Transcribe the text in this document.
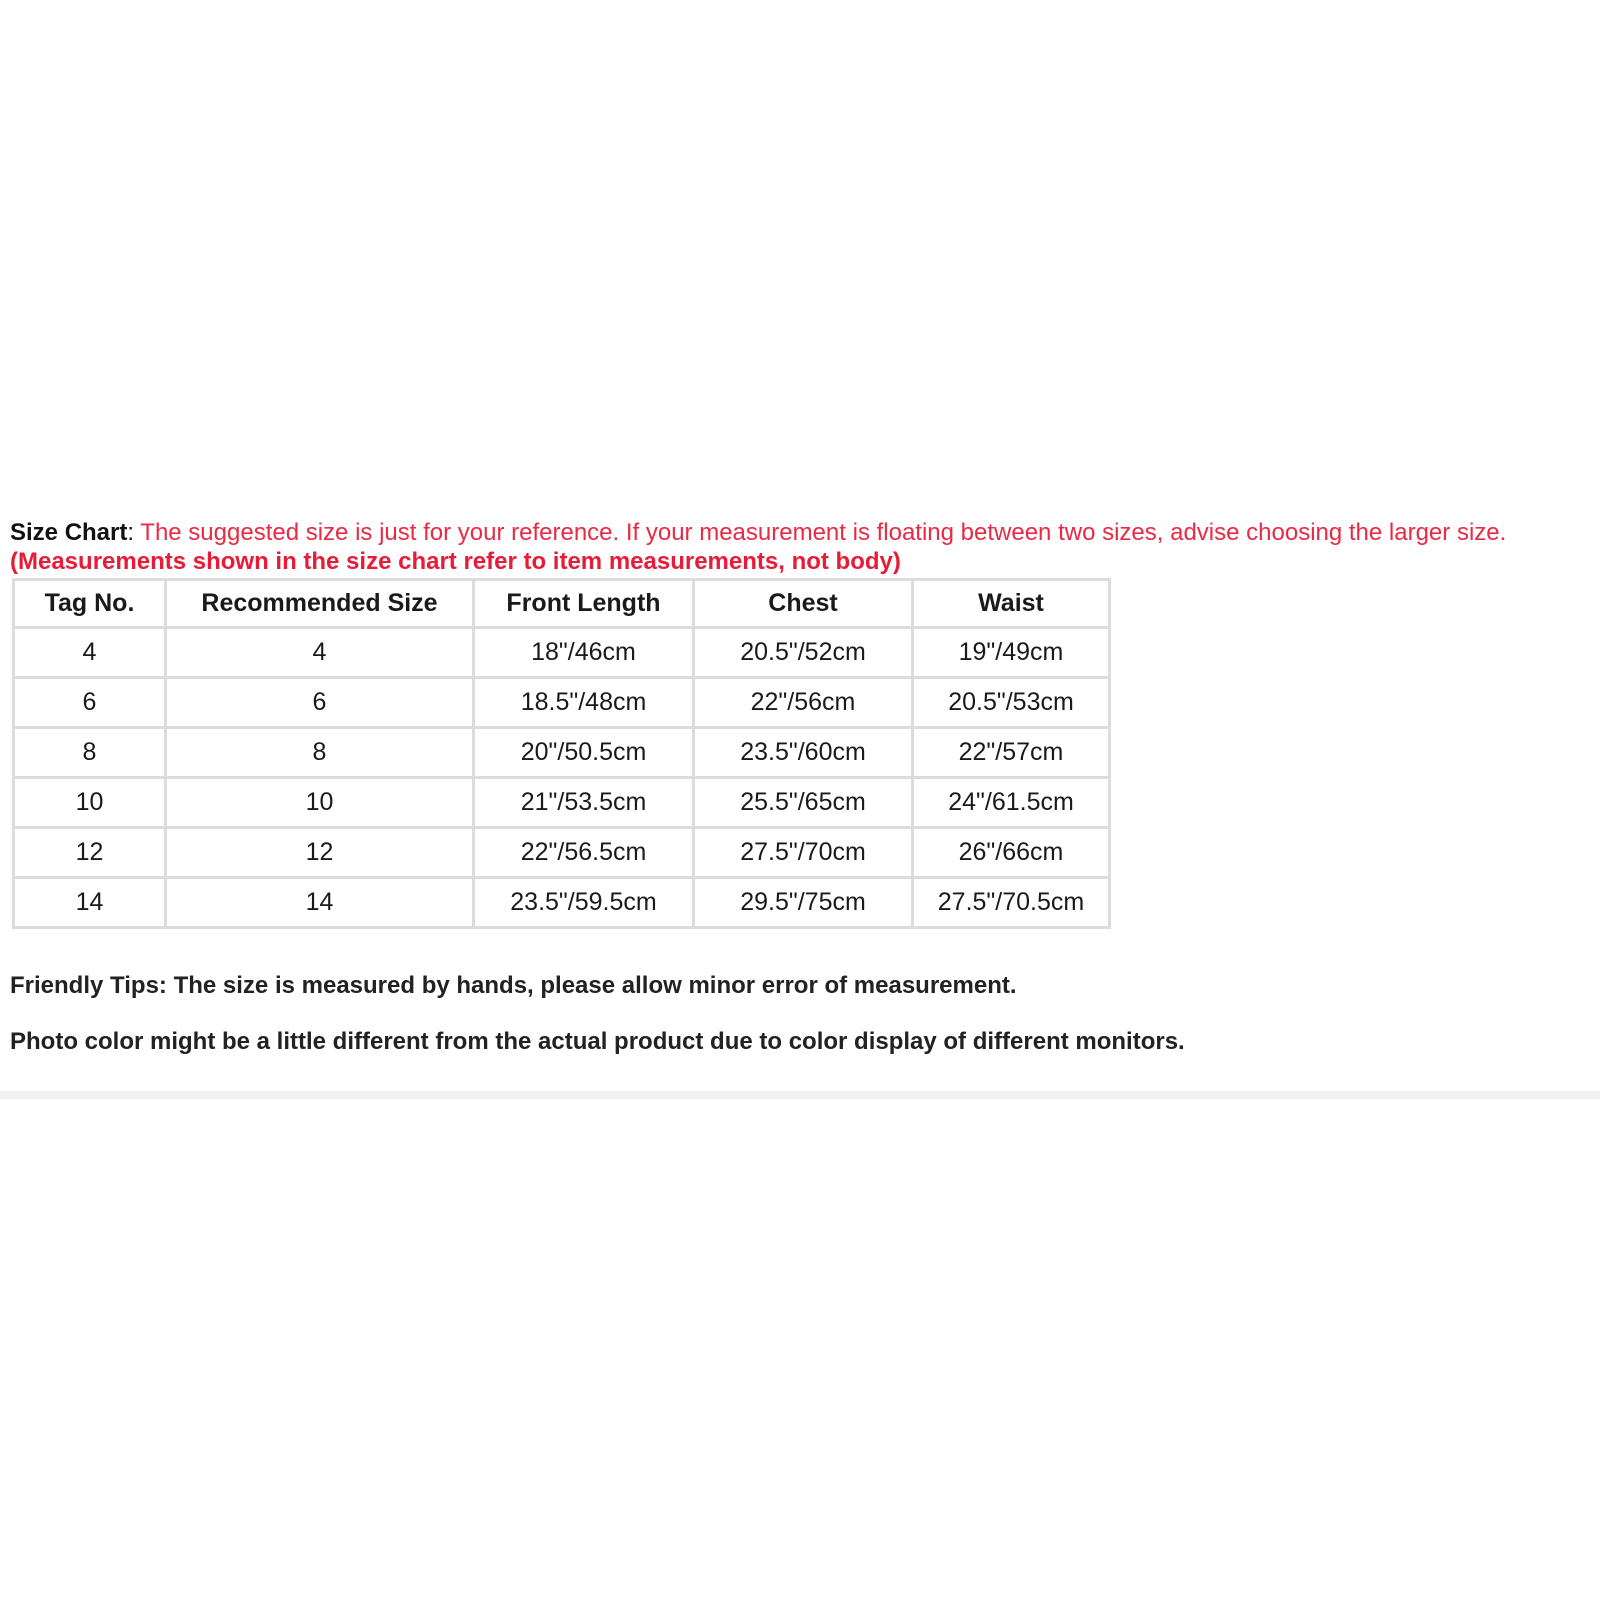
Size Chart: The suggested size is just for your reference. If your measurement is floating between two sizes, advise choosing the larger size.

(Measurements shown in the size chart refer to item measurements, not body)

Tag No.	Recommended Size	Front Length	Chest	Waist
4	4	18"/46cm	20.5"/52cm	19"/49cm
6	6	18.5"/48cm	22"/56cm	20.5"/53cm
8	8	20"/50.5cm	23.5"/60cm	22"/57cm
10	10	21"/53.5cm	25.5"/65cm	24"/61.5cm
12	12	22"/56.5cm	27.5"/70cm	26"/66cm
14	14	23.5"/59.5cm	29.5"/75cm	27.5"/70.5cm

Friendly Tips: The size is measured by hands, please allow minor error of measurement.

Photo color might be a little different from the actual product due to color display of different monitors.
